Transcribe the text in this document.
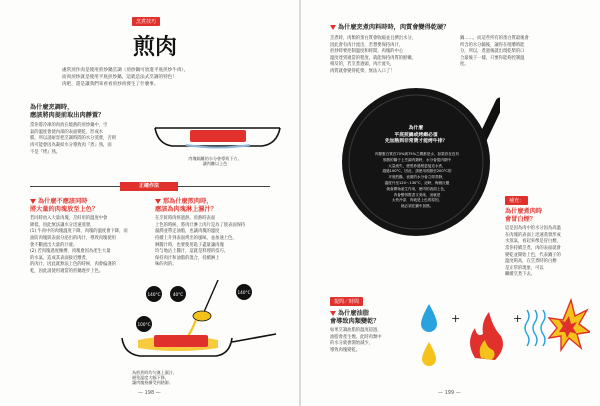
烹煮技巧
煎肉
處常煎作肉是使用煎炒鍋烹調（煎炒鍋可放進平底煎炒牛肉），
而肉煎炒就是使用平底煎炒鍋，這就是法式烹調的特色！
肉吧，還是讓我們來看看煎炒肉發生了什麼事。
為什麼烹調時，
應該將肉提前取出肉靜置？
當你將冷凍的肉放在燒熱的煎炒鍋中，空
氣的溫度會使內部的表面變乾，形成水
膜，所以請耐容把烹調時間的水分蒸發，否則
肉可能會因為凝結水分導致肉『煮』熟，而
不是『烤』熟。
肉塊隔離的水分會導致下方，
讓肉難以上色
正確作法
為什麼不應該同時
將大量的肉塊放至上色？
若同時放入大量肉塊，烹飪用的溫度中會
降低，因此無法讓水分迅速蒸發，
(1) 牛肉中的肉塊溫度下降，肉塊的溫度會下降，而
油防肉塊與表面分泌出的肉汁，導致肉塊使用
會不斷流出大量的汁液。
(2) 若肉塊過度擁擠，肉塊會因為產生大量
的水氣，造成其表面接近燉煮，
的肉汁，因此就無法上色的時候，肉會偏淺的
乾，因此請使用適當的煎鍋逐步上色。
那為什麼煎肉時，
應該為肉塊淋上濕汁？
在烹飪時肉經過熱，煎熱時表面
上色的時候，將肉汁淋上肉片是為了使表面保持
濕潤並帶走油脂，也讓肉塊的溫度
持續上升到表面烤出的風味，並加速上色。
淋醬汁時，也要使用匙子盡量讓肉塊
均勻地沾上醬汁，這就是料理的技巧。
保持肉汁和油脂的混合，持續淋上
味的肉的。
140°C	40°C	140°C
100°C
為煎煮時均匀淋上濕汁，
避免溫度大幅下降，
讓肉塊持續受到熱源。
— 198 —
為什麼烹煮肉料時時，肉質會變得乾硬？
烹煮時，肉類的蛋白質會收縮並且擠出水分，
因此會有肉汁流出，若想要保持肉汁，
煎炒時要控制溫度和時間，肉塊的中心
溫度達到適當的程度，就能保持肉質的鮮嫩。
相反的，若烹煮過頭，肉汁流失，
肉質就會變得乾柴，無法入口了！
鍋……，而這些所有的蛋白質最後會
所含的水分隨後，讓你在咀嚼時能
分，所以，煮過後就出現乾柴的口
合最後干一樣，只要你能夠控制溫
度。
為什麼
平底煎鍋或烤網必須
先加熱到非常燙才能烤牛排？
肉類蛋白質在70%到75%之間都是水，如果你在沒有
預熱的鍋子上烹調肉類時，水分會從肉類中
大量流失，使煎炒過程更接近水煮，
超過100°C，因此，請使用預熱至200°C的
平底煎鍋，表面的水分會立即蒸發，
溫度升至120～130°C，這時，梅納反應
就會開始產生作用，使肉的表面上色，
肉會變得既香又美味，這就是
太快冷卻，肉就是上色的原因，
就必須在鍋中加熱。
補充：
為什麼煮肉時
會冒白煙？
這是因為肉中的水分因為高溫
在肉塊的表面上迅速蒸發形成
水蒸氣，看起來像是冒白煙，
當你持續烹煮，肉的表面就會
變乾並開始上色，代表鍋子的
溫度夠高，在烹煮時的白煙
是正常的現象，可以
繼續烹煮下去。
提問／時間
為什麼油脂
會導致肉類變乾？
如果烹調油脂的溫度超過，
油脂會產生煙，此時肉類中
的水分就會開始減少，
導致肉塊變乾。
+	+
— 199 —
